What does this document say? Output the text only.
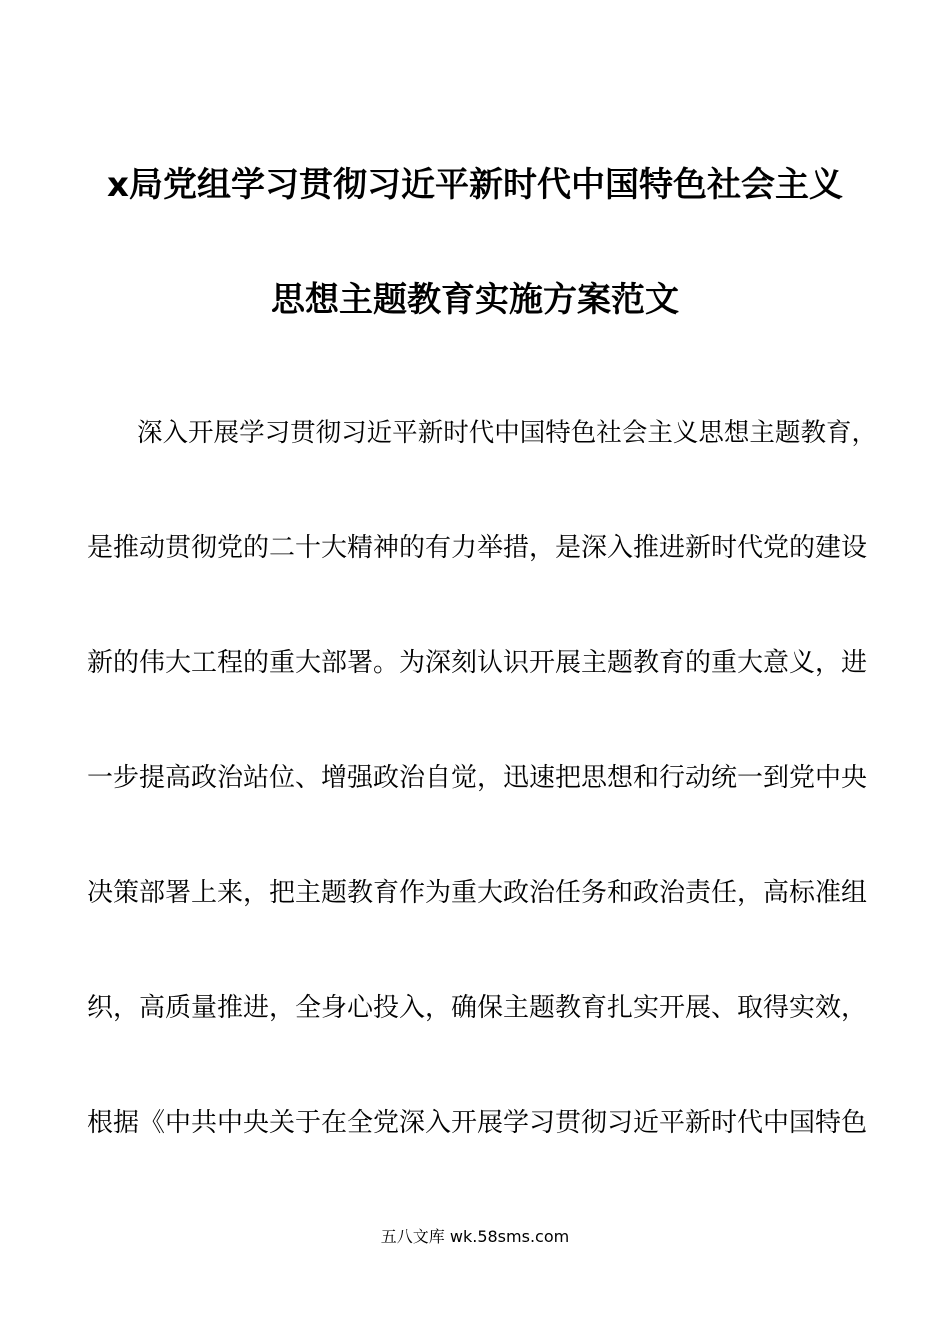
x局党组学习贯彻习近平新时代中国特色社会主义
思想主题教育实施方案范文
深入开展学习贯彻习近平新时代中国特色社会主义思想主题教育，
是推动贯彻党的二十大精神的有力举措，是深入推进新时代党的建设
新的伟大工程的重大部署。为深刻认识开展主题教育的重大意义，进
一步提高政治站位、增强政治自觉，迅速把思想和行动统一到党中央
决策部署上来，把主题教育作为重大政治任务和政治责任，高标准组
织，高质量推进，全身心投入，确保主题教育扎实开展、取得实效，
根据《中共中央关于在全党深入开展学习贯彻习近平新时代中国特色
五八文库 wk.58sms.com
